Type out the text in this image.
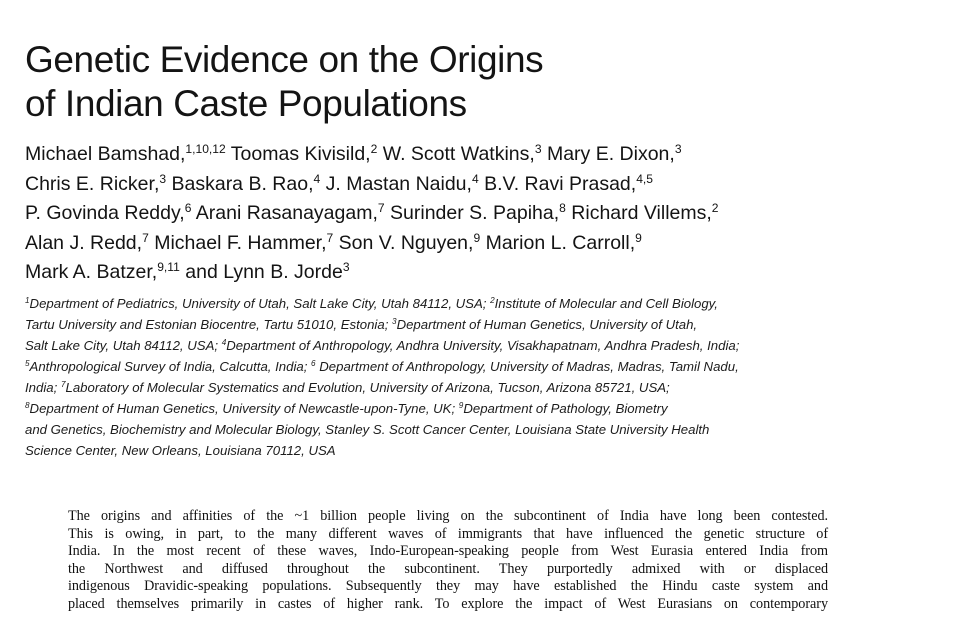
Genetic Evidence on the Origins
of Indian Caste Populations
Michael Bamshad,$^{1,10,12}$ Toomas Kivisild,$^2$ W. Scott Watkins,$^3$ Mary E. Dixon,$^3$
Chris E. Ricker,$^3$ Baskara B. Rao,$^4$ J. Mastan Naidu,$^4$ B.V. Ravi Prasad,$^{4,5}$
P. Govinda Reddy,$^6$ Arani Rasanayagam,$^7$ Surinder S. Papiha,$^8$ Richard Villems,$^2$
Alan J. Redd,$^7$ Michael F. Hammer,$^7$ Son V. Nguyen,$^9$ Marion L. Carroll,$^9$
Mark A. Batzer,$^{9,11}$ and Lynn B. Jorde$^3$
$^1$Department of Pediatrics, University of Utah, Salt Lake City, Utah 84112, USA; $^2$Institute of Molecular and Cell Biology,
Tartu University and Estonian Biocentre, Tartu 51010, Estonia; $^3$Department of Human Genetics, University of Utah,
Salt Lake City, Utah 84112, USA; $^4$Department of Anthropology, Andhra University, Visakhapatnam, Andhra Pradesh, India;
$^5$Anthropological Survey of India, Calcutta, India; $^6$ Department of Anthropology, University of Madras, Madras, Tamil Nadu,
India; $^7$Laboratory of Molecular Systematics and Evolution, University of Arizona, Tucson, Arizona 85721, USA;
$^8$Department of Human Genetics, University of Newcastle-upon-Tyne, UK; $^9$Department of Pathology, Biometry
and Genetics, Biochemistry and Molecular Biology, Stanley S. Scott Cancer Center, Louisiana State University Health
Science Center, New Orleans, Louisiana 70112, USA
The origins and affinities of the ~1 billion people living on the subcontinent of India have long been contested.
This is owing, in part, to the many different waves of immigrants that have influenced the genetic structure of
India. In the most recent of these waves, Indo-European-speaking people from West Eurasia entered India from
the Northwest and diffused throughout the subcontinent. They purportedly admixed with or displaced
indigenous Dravidic-speaking populations. Subsequently they may have established the Hindu caste system and
placed themselves primarily in castes of higher rank. To explore the impact of West Eurasians on contemporary
